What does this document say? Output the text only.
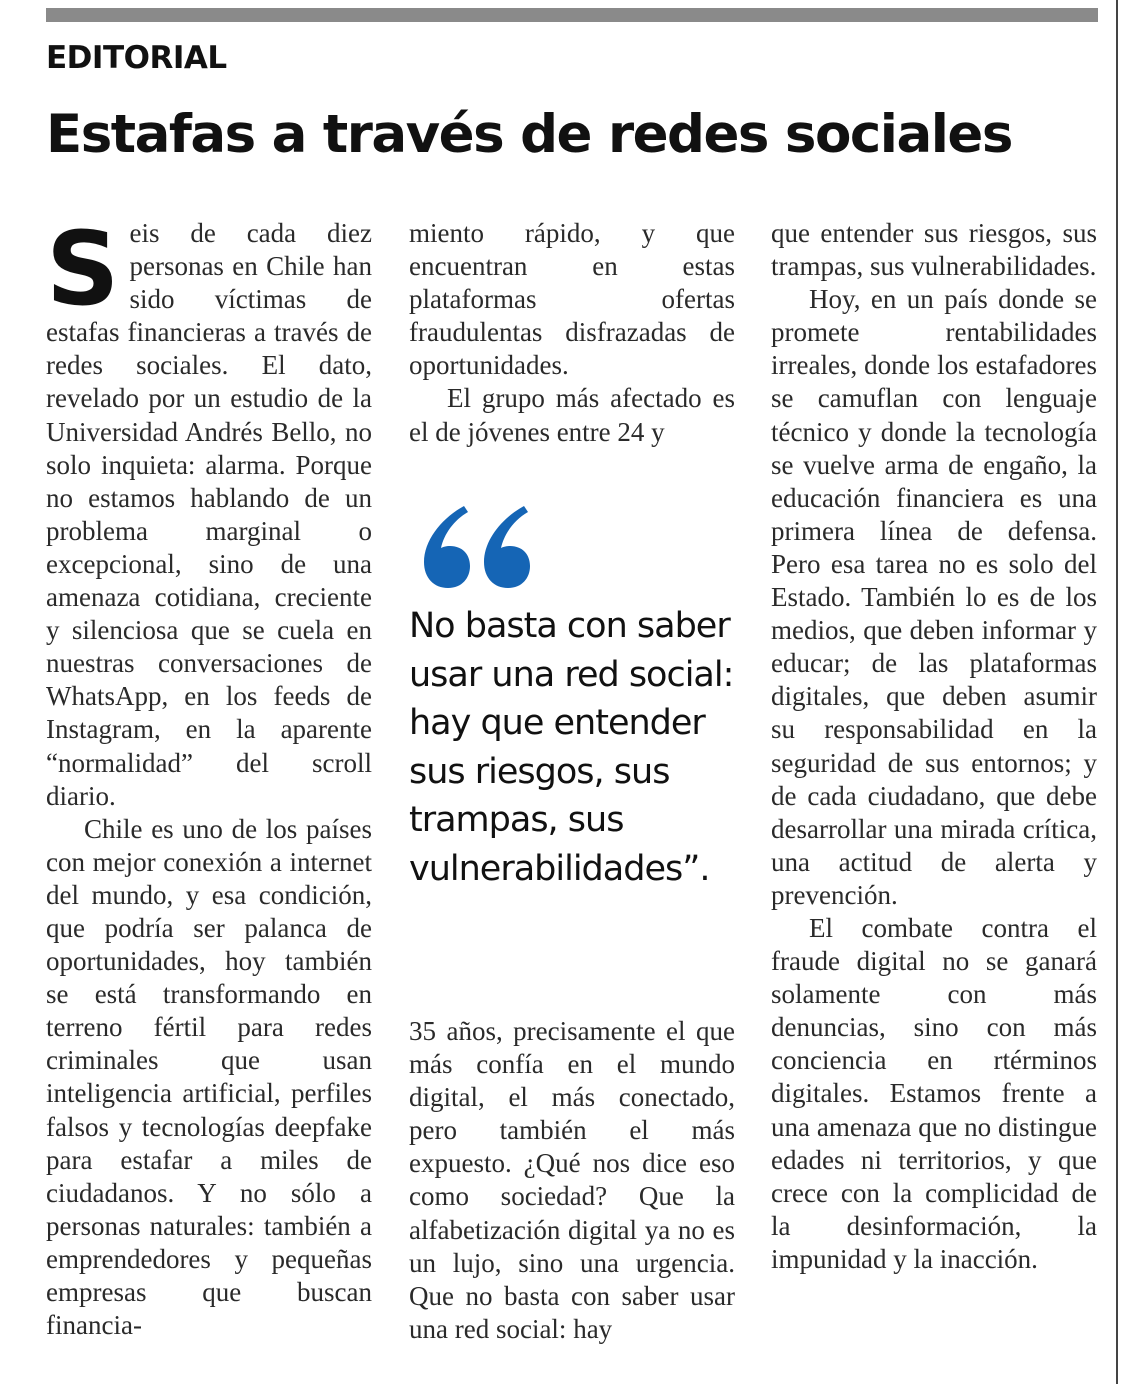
EDITORIAL
Estafas a través de redes sociales

Seis de cada diez personas en Chile han sido víctimas de estafas financieras a través de redes sociales. El dato, revelado por un estudio de la Universidad Andrés Bello, no solo inquieta: alarma. Porque no estamos hablando de un problema marginal o excepcional, sino de una amenaza cotidiana, creciente y silenciosa que se cuela en nuestras conversaciones de WhatsApp, en los feeds de Instagram, en la aparente “normalidad” del scroll diario.

Chile es uno de los países con mejor conexión a internet del mundo, y esa condición, que podría ser palanca de oportunidades, hoy también se está transformando en terreno fértil para redes criminales que usan inteligencia artificial, perfiles falsos y tecnologías deepfake para estafar a miles de ciudadanos. Y no sólo a personas naturales: también a emprendedores y pequeñas empresas que buscan financia-

miento rápido, y que encuentran en estas plataformas ofertas fraudulentas disfrazadas de oportunidades.

El grupo más afectado es el de jóvenes entre 24 y

No basta con saber usar una red social: hay que entender sus riesgos, sus trampas, sus vulnerabilidades”.

35 años, precisamente el que más confía en el mundo digital, el más conectado, pero también el más expuesto. ¿Qué nos dice eso como sociedad? Que la alfabetización digital ya no es un lujo, sino una urgencia. Que no basta con saber usar una red social: hay

que entender sus riesgos, sus trampas, sus vulnerabilidades.

Hoy, en un país donde se promete rentabilidades irreales, donde los estafadores se camuflan con lenguaje técnico y donde la tecnología se vuelve arma de engaño, la educación financiera es una primera línea de defensa. Pero esa tarea no es solo del Estado. También lo es de los medios, que deben informar y educar; de las plataformas digitales, que deben asumir su responsabilidad en la seguridad de sus entornos; y de cada ciudadano, que debe desarrollar una mirada crítica, una actitud de alerta y prevención.

El combate contra el fraude digital no se ganará solamente con más denuncias, sino con más conciencia en rtérminos digitales. Estamos frente a una amenaza que no distingue edades ni territorios, y que crece con la complicidad de la desinformación, la impunidad y la inacción.
